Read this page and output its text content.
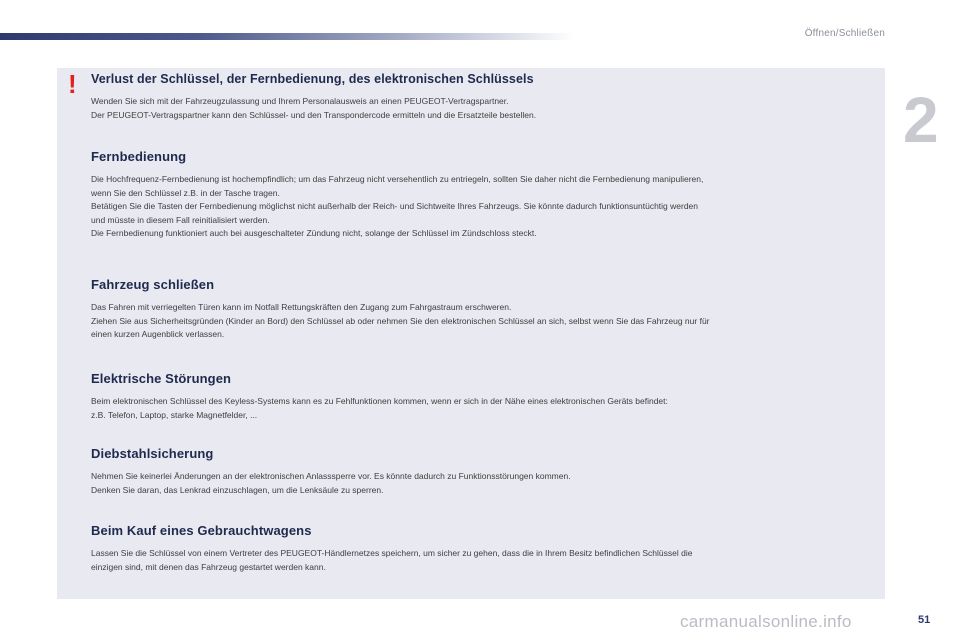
Öffnen/Schließen
2
! Verlust der Schlüssel, der Fernbedienung, des elektronischen Schlüssels

Wenden Sie sich mit der Fahrzeugzulassung und Ihrem Personalausweis an einen PEUGEOT-Vertragspartner.
Der PEUGEOT-Vertragspartner kann den Schlüssel- und den Transpondercode ermitteln und die Ersatzteile bestellen.

Fernbedienung

Die Hochfrequenz-Fernbedienung ist hochempfindlich; um das Fahrzeug nicht versehentlich zu entriegeln, sollten Sie daher nicht die Fernbedienung manipulieren,
wenn Sie den Schlüssel z.B. in der Tasche tragen.
Betätigen Sie die Tasten der Fernbedienung möglichst nicht außerhalb der Reich- und Sichtweite Ihres Fahrzeugs. Sie könnte dadurch funktionsuntüchtig werden
und müsste in diesem Fall reinitialisiert werden.
Die Fernbedienung funktioniert auch bei ausgeschalteter Zündung nicht, solange der Schlüssel im Zündschloss steckt.

Fahrzeug schließen

Das Fahren mit verriegelten Türen kann im Notfall Rettungskräften den Zugang zum Fahrgastraum erschweren.
Ziehen Sie aus Sicherheitsgründen (Kinder an Bord) den Schlüssel ab oder nehmen Sie den elektronischen Schlüssel an sich, selbst wenn Sie das Fahrzeug nur für
einen kurzen Augenblick verlassen.

Elektrische Störungen

Beim elektronischen Schlüssel des Keyless-Systems kann es zu Fehlfunktionen kommen, wenn er sich in der Nähe eines elektronischen Geräts befindet:
z.B. Telefon, Laptop, starke Magnetfelder, ...

Diebstahlsicherung

Nehmen Sie keinerlei Änderungen an der elektronischen Anlasssperre vor. Es könnte dadurch zu Funktionsstörungen kommen.
Denken Sie daran, das Lenkrad einzuschlagen, um die Lenksäule zu sperren.

Beim Kauf eines Gebrauchtwagens

Lassen Sie die Schlüssel von einem Vertreter des PEUGEOT-Händlernetzes speichern, um sicher zu gehen, dass die in Ihrem Besitz befindlichen Schlüssel die
einzigen sind, mit denen das Fahrzeug gestartet werden kann.

carmanualsonline.info	51
